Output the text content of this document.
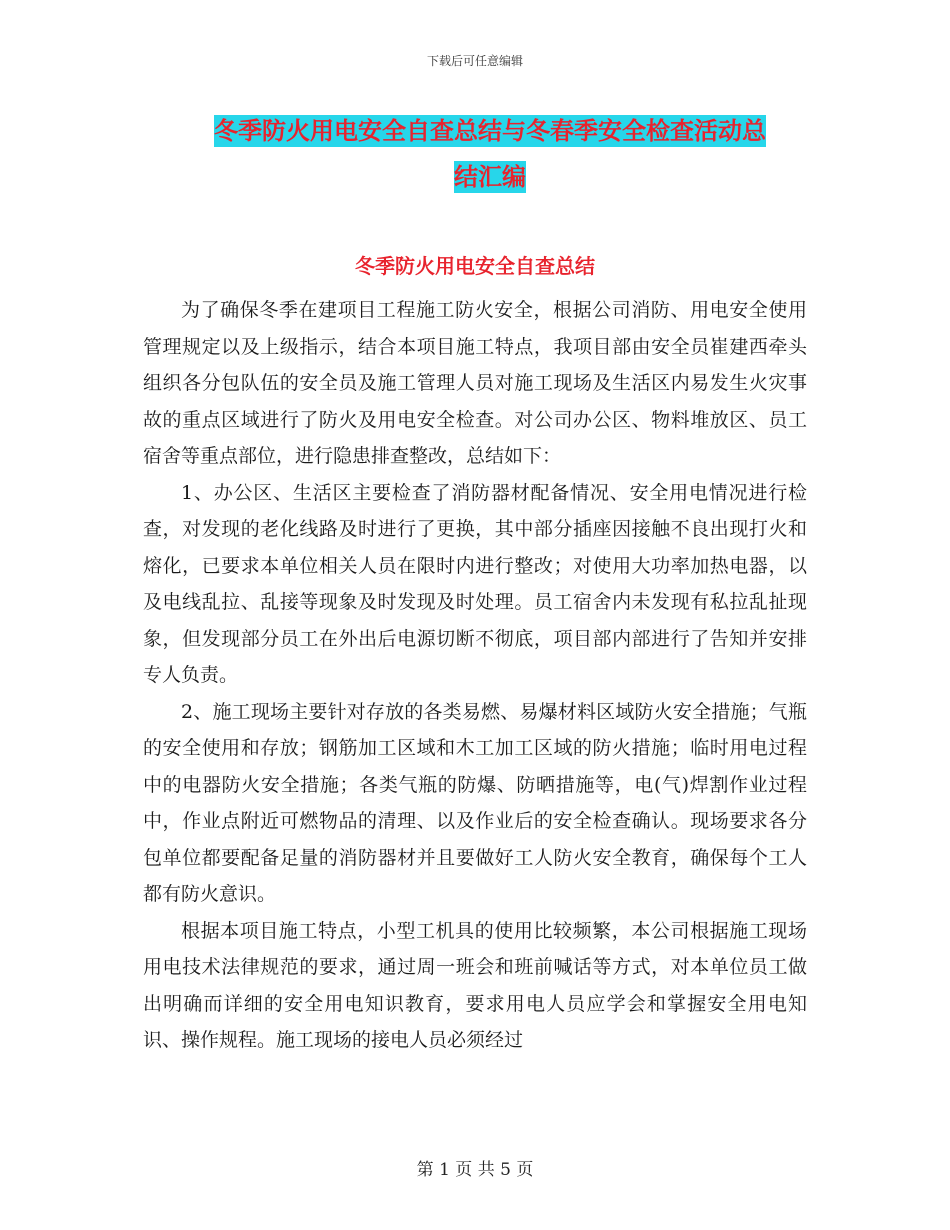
下载后可任意编辑
冬季防火用电安全自查总结与冬春季安全检查活动总
结汇编
冬季防火用电安全自查总结

为了确保冬季在建项目工程施工防火安全，根据公司消防、用电安全使用管理规定以及上级指示，结合本项目施工特点，我项目部由安全员崔建西牵头组织各分包队伍的安全员及施工管理人员对施工现场及生活区内易发生火灾事故的重点区域进行了防火及用电安全检查。对公司办公区、物料堆放区、员工宿舍等重点部位，进行隐患排查整改，总结如下：

1、办公区、生活区主要检查了消防器材配备情况、安全用电情况进行检查，对发现的老化线路及时进行了更换，其中部分插座因接触不良出现打火和熔化，已要求本单位相关人员在限时内进行整改；对使用大功率加热电器，以及电线乱拉、乱接等现象及时发现及时处理。员工宿舍内未发现有私拉乱扯现象，但发现部分员工在外出后电源切断不彻底，项目部内部进行了告知并安排专人负责。

2、施工现场主要针对存放的各类易燃、易爆材料区域防火安全措施；气瓶的安全使用和存放；钢筋加工区域和木工加工区域的防火措施；临时用电过程中的电器防火安全措施；各类气瓶的防爆、防晒措施等，电(气)焊割作业过程中，作业点附近可燃物品的清理、以及作业后的安全检查确认。现场要求各分包单位都要配备足量的消防器材并且要做好工人防火安全教育，确保每个工人都有防火意识。

根据本项目施工特点，小型工机具的使用比较频繁，本公司根据施工现场用电技术法律规范的要求，通过周一班会和班前喊话等方式，对本单位员工做出明确而详细的安全用电知识教育，要求用电人员应学会和掌握安全用电知识、操作规程。施工现场的接电人员必须经过

第 1 页 共 5 页
